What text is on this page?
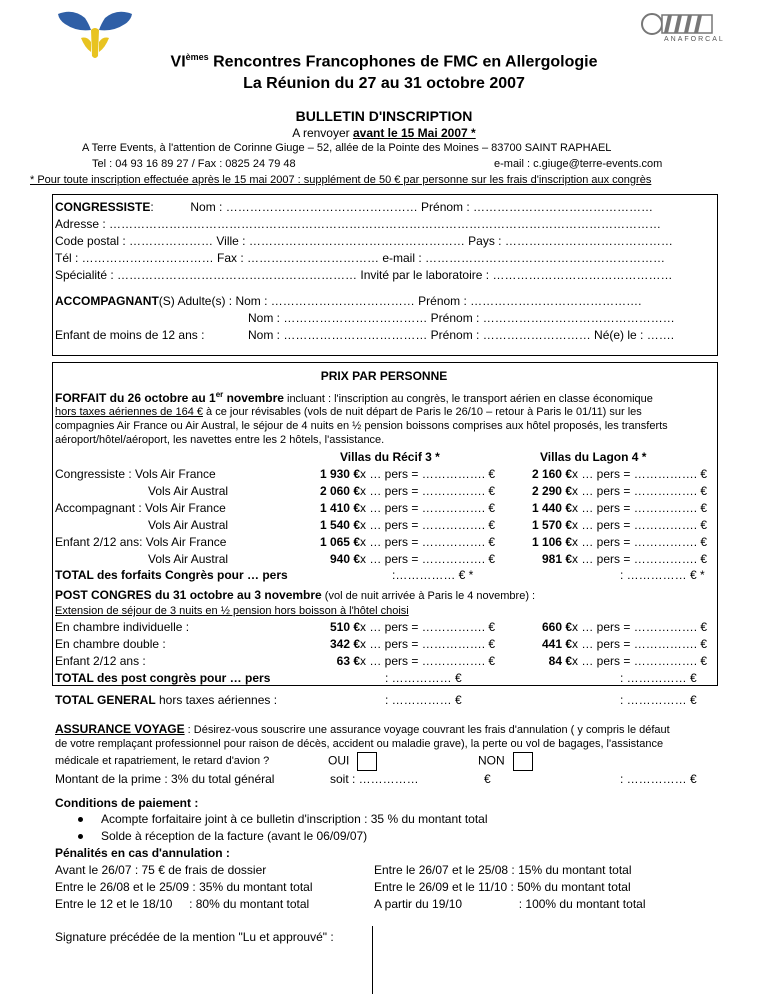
ANAFORCAL
VIèmes Rencontres Francophones de FMC en Allergologie
La Réunion du 27 au 31 octobre 2007
BULLETIN D'INSCRIPTION
A renvoyer avant le 15 Mai 2007 *
A Terre Events, à l'attention de Corinne Giuge – 52, allée de la Pointe des Moines – 83700 SAINT RAPHAEL
Tel : 04 93 16 89 27 / Fax : 0825 24 79 48	e-mail : c.giuge@terre-events.com
* Pour toute inscription effectuée après le 15 mai 2007 : supplément de 50 € par personne sur les frais d'inscription aux congrès
CONGRESSISTE:           Nom : ………………………………………… Prénom : ………………………………………
Adresse : …………………………………………………………………………………………………………………………
Code postal : ………………… Ville : ……………………………………………… Pays : ……………………………………
Tél : …………………………… Fax : …………………………… e-mail : ……………………………………………………
Spécialité : …………………………………………………… Invité par le laboratoire : ………………………………………
ACCOMPAGNANT(S) Adulte(s) : Nom : ……………………………… Prénom : …………………………………….
Nom : ……………………………… Prénom : …………………………………………
Enfant de moins de 12 ans :	Nom : ……………………………… Prénom : ……………………… Né(e) le : …….
PRIX PAR PERSONNE
FORFAIT du 26 octobre au 1er novembre incluant : l'inscription au congrès, le transport aérien en classe économique
hors taxes aériennes de 164 € à ce jour révisables (vols de nuit départ de Paris le 26/10 – retour à Paris le 01/11) sur les
compagnies Air France ou Air Austral, le séjour de 4 nuits en ½ pension boissons comprises aux hôtel proposés, les transferts
aéroport/hôtel/aéroport, les navettes entre les 2 hôtels, l'assistance.
Villas du Récif 3 *	Villas du Lagon 4 *
Congressiste : Vols Air France	1 930 € x … pers = ……………. €	2 160 € x … pers = ……………. €
Vols Air Austral	2 060 € x … pers = ……………. €	2 290 € x … pers = ……………. €
Accompagnant : Vols Air France	1 410 € x … pers = ……………. €	1 440 € x … pers = ……………. €
Vols Air Austral	1 540 € x … pers = ……………. €	1 570 € x … pers = ……………. €
Enfant 2/12 ans: Vols Air France	1 065 € x … pers = ……………. €	1 106 € x … pers = ……………. €
Vols Air Austral	940 € x … pers = ……………. €	981 € x … pers = ……………. €
TOTAL des forfaits Congrès pour … pers	:…………… € *	: …………… € *
POST CONGRES du 31 octobre au 3 novembre (vol de nuit arrivée à Paris le 4 novembre) :
Extension de séjour de 3 nuits en ½ pension hors boisson à l'hôtel choisi
En chambre individuelle :	510 € x … pers = ……………. €	660 € x … pers = ……………. €
En chambre double :	342 € x … pers = ……………. €	441 € x … pers = ……………. €
Enfant 2/12 ans :	63 € x … pers = ……………. €	84 € x … pers = ……………. €
TOTAL des post congrès pour … pers	: …………… €	: …………… €
TOTAL GENERAL hors taxes aériennes :	: …………… €	: …………… €
ASSURANCE VOYAGE : Désirez-vous souscrire une assurance voyage couvrant les frais d'annulation ( y compris le défaut
de votre remplaçant professionnel pour raison de décès, accident ou maladie grave), la perte ou vol de bagages, l'assistance
médicale et rapatriement, le retard d'avion ?	OUI	NON
Montant de la prime : 3% du total général	soit : ……………	€	: …………… €
Conditions de paiement :
Acompte forfaitaire joint à ce bulletin d'inscription : 35 % du montant total
Solde à réception de la facture (avant le 06/09/07)
Pénalités en cas d'annulation :
Avant le 26/07 : 75 € de frais de dossier
Entre le 26/08 et le 25/09 : 35% du montant total
Entre le 12 et le 18/10     : 80% du montant total
Entre le 26/07 et le 25/08 : 15% du montant total
Entre le 26/09 et le 11/10 : 50% du montant total
A partir du 19/10                 : 100% du montant total
Signature précédée de la mention "Lu et approuvé" :
